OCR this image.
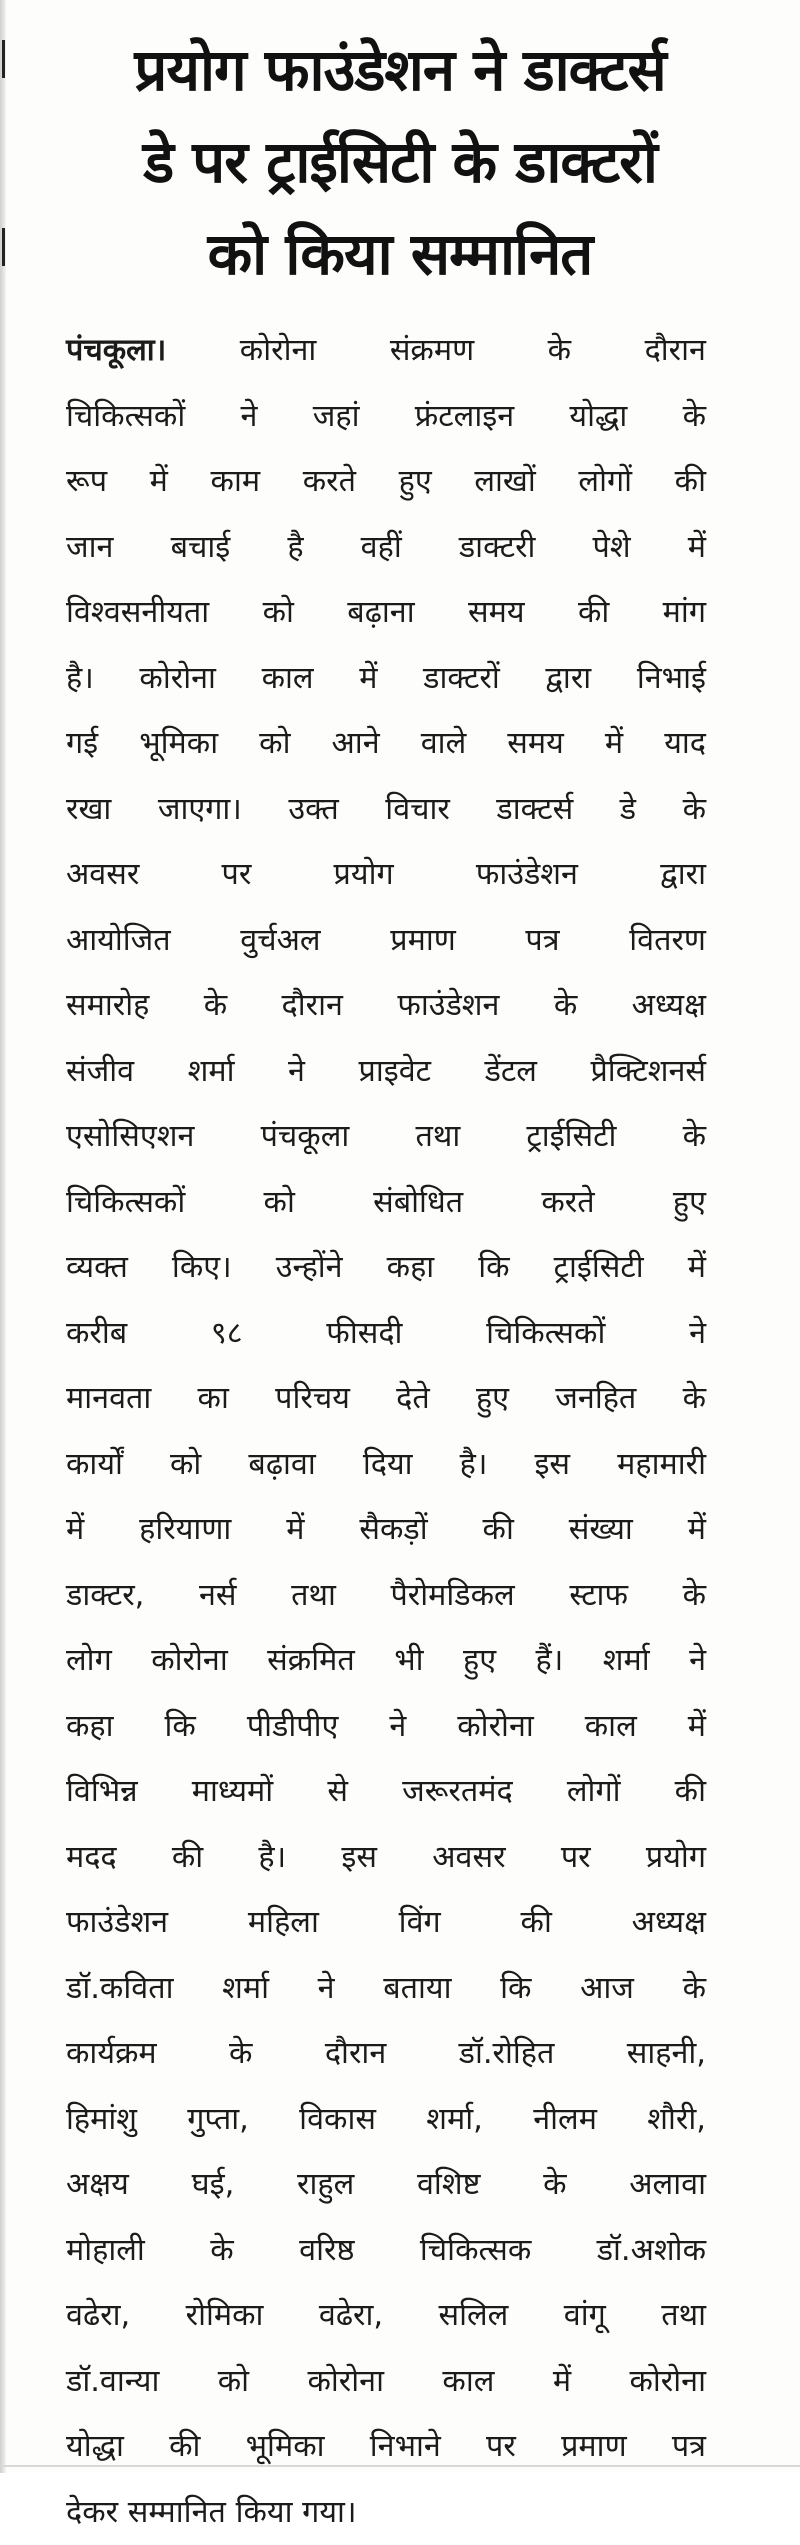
प्रयोग फाउंडेशन ने डाक्टर्स
डे पर ट्राईसिटी के डाक्टरों
को किया सम्मानित
पंचकूला। कोरोना संक्रमण के दौरान
चिकित्सकों ने जहां फ्रंटलाइन योद्धा के
रूप में काम करते हुए लाखों लोगों की
जान बचाई है वहीं डाक्टरी पेशे में
विश्वसनीयता को बढ़ाना समय की मांग
है। कोरोना काल में डाक्टरों द्वारा निभाई
गई भूमिका को आने वाले समय में याद
रखा जाएगा। उक्त विचार डाक्टर्स डे के
अवसर पर प्रयोग फाउंडेशन द्वारा
आयोजित वुर्चअल प्रमाण पत्र वितरण
समारोह के दौरान फाउंडेशन के अध्यक्ष
संजीव शर्मा ने प्राइवेट डेंटल प्रैक्टिशनर्स
एसोसिएशन पंचकूला तथा ट्राईसिटी के
चिकित्सकों को संबोधित करते हुए
व्यक्त किए। उन्होंने कहा कि ट्राईसिटी में
करीब ९८ फीसदी चिकित्सकों ने
मानवता का परिचय देते हुए जनहित के
कार्यों को बढ़ावा दिया है। इस महामारी
में हरियाणा में सैकड़ों की संख्या में
डाक्टर, नर्स तथा पैरोमडिकल स्टाफ के
लोग कोरोना संक्रमित भी हुए हैं। शर्मा ने
कहा कि पीडीपीए ने कोरोना काल में
विभिन्न माध्यमों से जरूरतमंद लोगों की
मदद की है। इस अवसर पर प्रयोग
फाउंडेशन महिला विंग की अध्यक्ष
डॉ.कविता शर्मा ने बताया कि आज के
कार्यक्रम के दौरान डॉ.रोहित साहनी,
हिमांशु गुप्ता, विकास शर्मा, नीलम शौरी,
अक्षय घई, राहुल वशिष्ट के अलावा
मोहाली के वरिष्ठ चिकित्सक डॉ.अशोक
वढेरा, रोमिका वढेरा, सलिल वांगू तथा
डॉ.वान्या को कोरोना काल में कोरोना
योद्धा की भूमिका निभाने पर प्रमाण पत्र
देकर सम्मानित किया गया।
